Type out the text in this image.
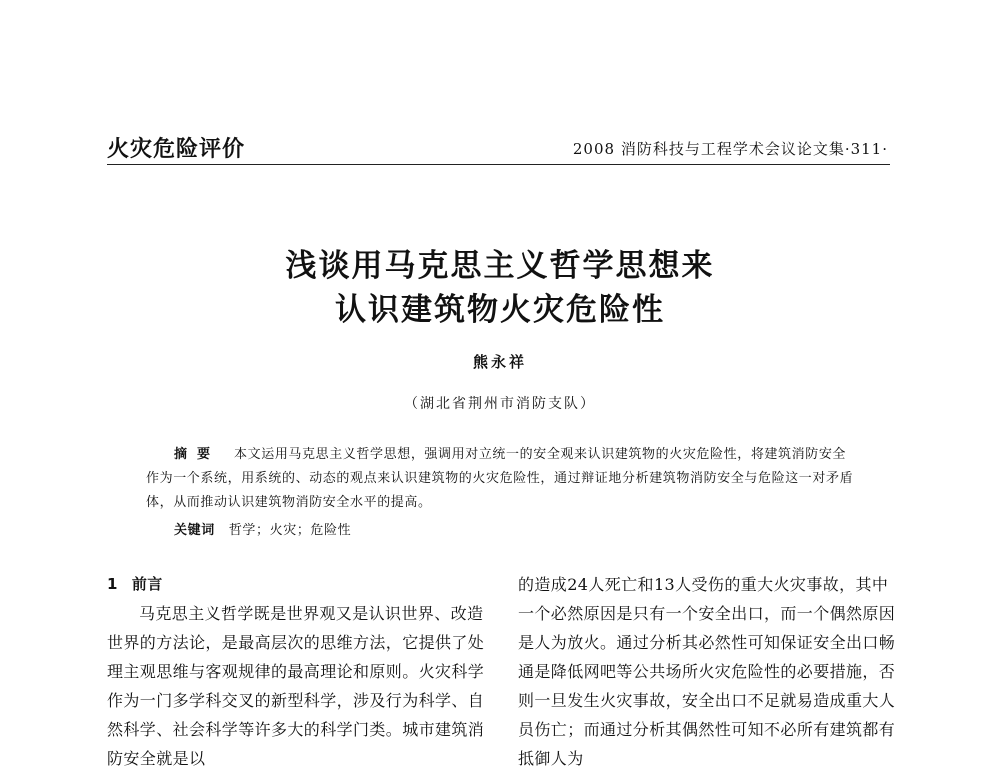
火灾危险评价	2008 消防科技与工程学术会议论文集·311·
浅谈用马克思主义哲学思想来
认识建筑物火灾危险性
熊永祥
（湖北省荆州市消防支队）
摘要 本文运用马克思主义哲学思想，强调用对立统一的安全观来认识建筑物的火灾危险性，将建筑消防安全作为一个系统，用系统的、动态的观点来认识建筑物的火灾危险性，通过辩证地分析建筑物消防安全与危险这一对矛盾体，从而推动认识建筑物消防安全水平的提高。
关键词 哲学；火灾；危险性
1 前言
马克思主义哲学既是世界观又是认识世界、改造世界的方法论，是最高层次的思维方法，它提供了处理主观思维与客观规律的最高理论和原则。火灾科学作为一门多学科交叉的新型科学，涉及行为科学、自然科学、社会科学等许多大的科学门类。城市建筑消防安全就是以
的造成24人死亡和13人受伤的重大火灾事故，其中一个必然原因是只有一个安全出口，而一个偶然原因是人为放火。通过分析其必然性可知保证安全出口畅通是降低网吧等公共场所火灾危险性的必要措施，否则一旦发生火灾事故，安全出口不足就易造成重大人员伤亡；而通过分析其偶然性可知不必所有建筑都有抵御人为
